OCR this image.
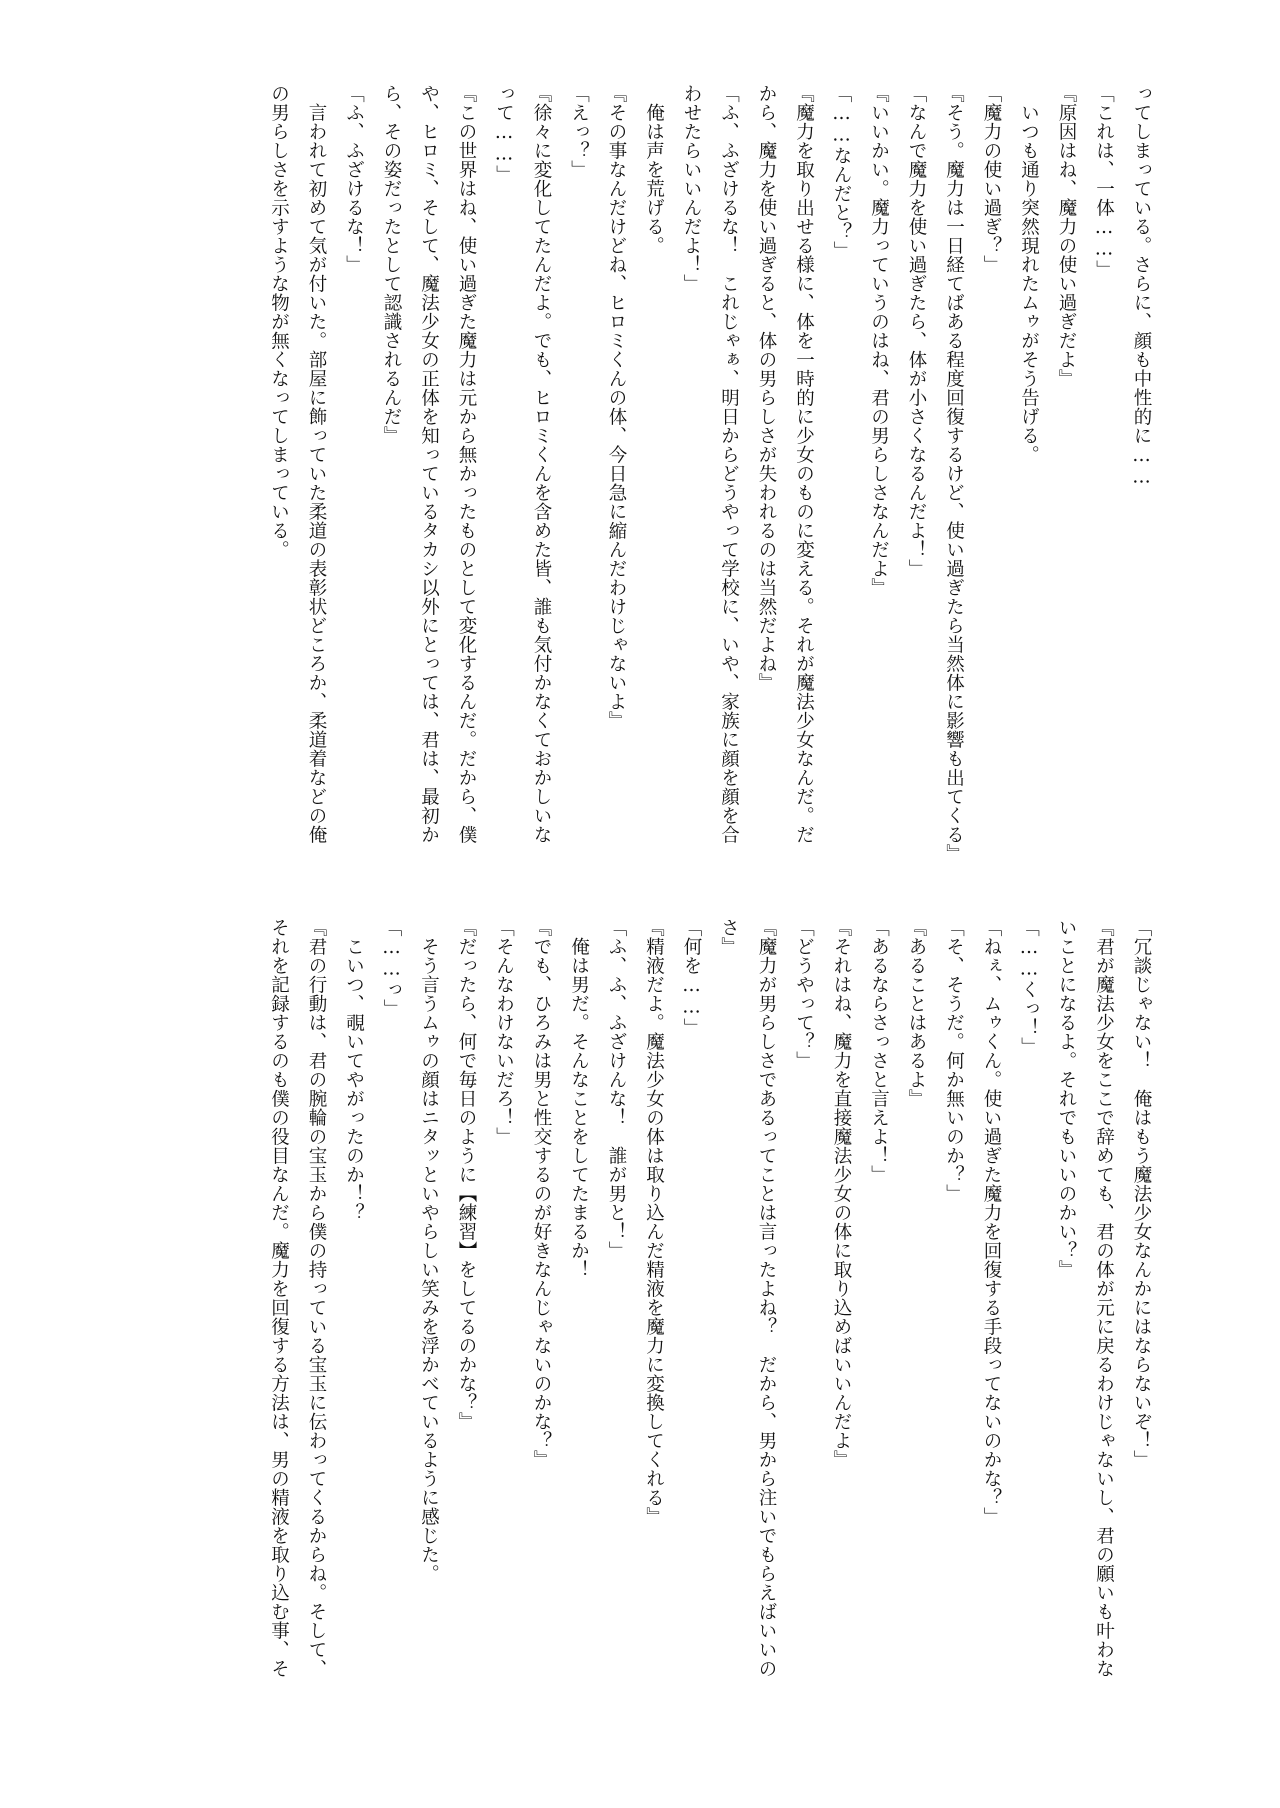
ってしまっている。さらに、顔も中性的に……
「これは、一体……」
『原因はね、魔力の使い過ぎだよ』
　いつも通り突然現れたムゥがそう告げる。
「魔力の使い過ぎ？」
『そう。魔力は一日経てばある程度回復するけど、使い過ぎたら当然体に影響も出てくる』
「なんで魔力を使い過ぎたら、体が小さくなるんだよ！」
『いいかい。魔力っていうのはね、君の男らしさなんだよ』
「……なんだと？」
『魔力を取り出せる様に、体を一時的に少女のものに変える。それが魔法少女なんだ。だ
から、魔力を使い過ぎると、体の男らしさが失われるのは当然だよね』
「ふ、ふざけるな！　これじゃぁ、明日からどうやって学校に、いや、家族に顔を顔を合
わせたらいいんだよ！」
　俺は声を荒げる。
『その事なんだけどね、ヒロミくんの体、今日急に縮んだわけじゃないよ』
「えっ？」
『徐々に変化してたんだよ。でも、ヒロミくんを含めた皆、誰も気付かなくておかしいな
って……」
『この世界はね、使い過ぎた魔力は元から無かったものとして変化するんだ。だから、僕
や、ヒロミ、そして、魔法少女の正体を知っているタカシ以外にとっては、君は、最初か
ら、その姿だったとして認識されるんだ』
「ふ、ふざけるな！」
　言われて初めて気が付いた。部屋に飾っていた柔道の表彰状どころか、柔道着などの俺
の男らしさを示すような物が無くなってしまっている。
「冗談じゃない！　俺はもう魔法少女なんかにはならないぞ！」
『君が魔法少女をここで辞めても、君の体が元に戻るわけじゃないし、君の願いも叶わな
いことになるよ。それでもいいのかい？』
「……くっ！」
「ねぇ、ムゥくん。使い過ぎた魔力を回復する手段ってないのかな？」
「そ、そうだ。何か無いのか？」
『あることはあるよ』
「あるならさっさと言えよ！」
『それはね、魔力を直接魔法少女の体に取り込めばいいんだよ』
「どうやって？」
『魔力が男らしさであるってことは言ったよね？　だから、男から注いでもらえばいいの
さ』
「何を……」
『精液だよ。魔法少女の体は取り込んだ精液を魔力に変換してくれる』
「ふ、ふ、ふざけんな！　誰が男と！」
　俺は男だ。そんなことをしてたまるか！
『でも、ひろみは男と性交するのが好きなんじゃないのかな？』
「そんなわけないだろ！」
『だったら、何で毎日のように【練習】をしてるのかな？』
　そう言うムゥの顔はニタッといやらしい笑みを浮かべているように感じた。
「……っ」
　こいつ、覗いてやがったのか！？
『君の行動は、君の腕輪の宝玉から僕の持っている宝玉に伝わってくるからね。そして、
それを記録するのも僕の役目なんだ。魔力を回復する方法は、男の精液を取り込む事、そ
